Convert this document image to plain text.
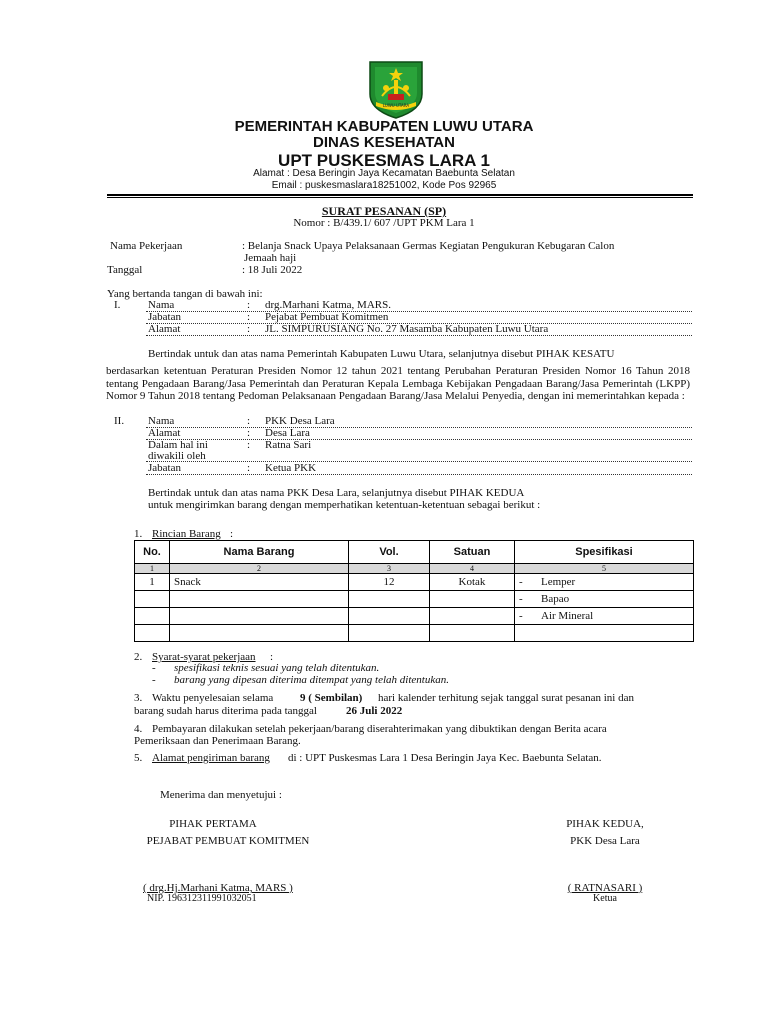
LUWU UTARA
PEMERINTAH KABUPATEN LUWU UTARA
DINAS KESEHATAN
UPT PUSKESMAS LARA 1
Alamat : Desa Beringin Jaya Kecamatan Baebunta Selatan
Email : puskesmaslara18251002, Kode Pos 92965
SURAT PESANAN (SP)
Nomor : B/439.1/ 607 /UPT PKM Lara 1
Nama Pekerjaan	: Belanja Snack Upaya Pelaksanaan Germas Kegiatan Pengukuran Kebugaran Calon
Jemaah haji
Tanggal	: 18 Juli 2022
Yang bertanda tangan di bawah ini:
I.	Nama	: drg.Marhani Katma, MARS.
Jabatan	: Pejabat Pembuat Komitmen
Alamat	: JL. SIMPURUSIANG No. 27 Masamba Kabupaten Luwu Utara
Bertindak untuk dan atas nama Pemerintah Kabupaten Luwu Utara, selanjutnya disebut PIHAK KESATU
berdasarkan ketentuan Peraturan Presiden Nomor 12 tahun 2021 tentang Perubahan Peraturan Presiden Nomor 16 Tahun 2018 tentang Pengadaan Barang/Jasa Pemerintah dan Peraturan Kepala Lembaga Kebijakan Pengadaan Barang/Jasa Pemerintah (LKPP) Nomor 9 Tahun 2018 tentang Pedoman Pelaksanaan Pengadaan Barang/Jasa Melalui Penyedia, dengan ini memerintahkan kepada :
II. Nama	: PKK Desa Lara
Alamat	: Desa Lara
Dalam hal ini	: Ratna Sari
diwakili oleh
Jabatan	: Ketua PKK
Bertindak untuk dan atas nama PKK Desa Lara, selanjutnya disebut PIHAK KEDUA
untuk mengirimkan barang dengan memperhatikan ketentuan-ketentuan sebagai berikut :
1. Rincian Barang :
No.	Nama Barang	Vol.	Satuan	Spesifikasi
1	2	3	4	5
1	Snack	12	Kotak	- Lemper
				- Bapao
				- Air Mineral

2. Syarat-syarat pekerjaan :
- spesifikasi teknis sesuai yang telah ditentukan.
- barang yang dipesan diterima ditempat yang telah ditentukan.
3. Waktu penyelesaian selama 9 ( Sembilan) hari kalender terhitung sejak tanggal surat pesanan ini dan
barang sudah harus diterima pada tanggal	26 Juli 2022
4. Pembayaran dilakukan setelah pekerjaan/barang diserahterimakan yang dibuktikan dengan Berita acara
Pemeriksaan dan Penerimaan Barang.
5. Alamat pengiriman barang di : UPT Puskesmas Lara 1 Desa Beringin Jaya Kec. Baebunta Selatan.
Menerima dan menyetujui :
PIHAK PERTAMA
PEJABAT PEMBUAT KOMITMEN
( drg.Hj.Marhani Katma, MARS )
NIP. 196312311991032051
PIHAK KEDUA,
PKK Desa Lara
( RATNASARI )
Ketua
